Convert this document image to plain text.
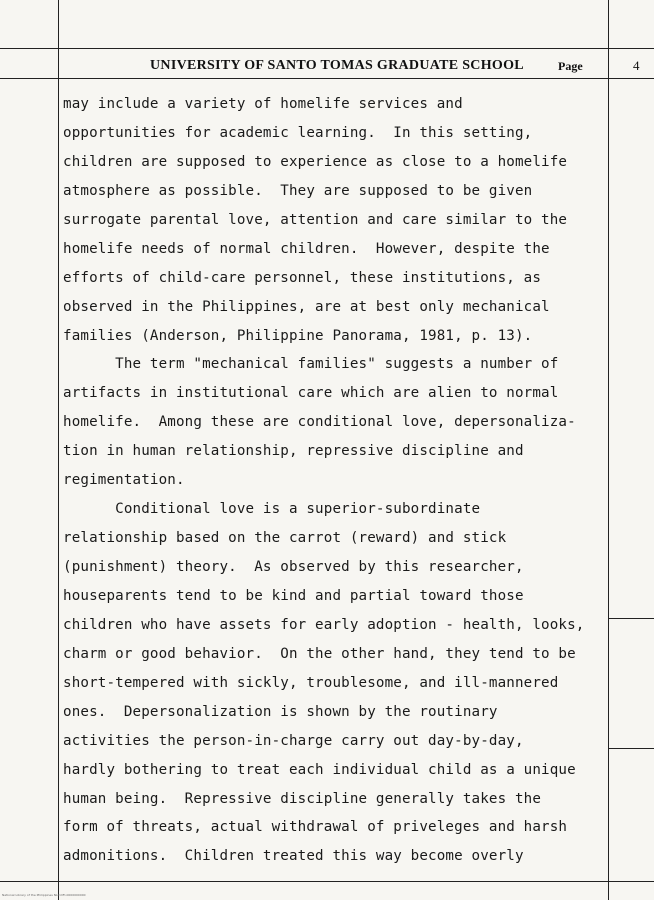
UNIVERSITY OF SANTO TOMAS GRADUATE SCHOOL	Page	4
may include a variety of homelife services and
opportunities for academic learning.  In this setting,
children are supposed to experience as close to a homelife
atmosphere as possible.  They are supposed to be given
surrogate parental love, attention and care similar to the
homelife needs of normal children.  However, despite the
efforts of child-care personnel, these institutions, as
observed in the Philippines, are at best only mechanical
families (Anderson, Philippine Panorama, 1981, p. 13).
The term "mechanical families" suggests a number of
artifacts in institutional care which are alien to normal
homelife.  Among these are conditional love, depersonaliza-
tion in human relationship, repressive discipline and
regimentation.
Conditional love is a superior-subordinate
relationship based on the carrot (reward) and stick
(punishment) theory.  As observed by this researcher,
houseparents tend to be kind and partial toward those
children who have assets for early adoption - health, looks,
charm or good behavior.  On the other hand, they tend to be
short-tempered with sickly, troublesome, and ill-mannered
ones.  Depersonalization is shown by the routinary
activities the person-in-charge carry out day-by-day,
hardly bothering to treat each individual child as a unique
human being.  Repressive discipline generally takes the
form of threats, actual withdrawal of priveleges and harsh
admonitions.  Children treated this way become overly
National Library of the Philippines NLP-DFI-0000000000
